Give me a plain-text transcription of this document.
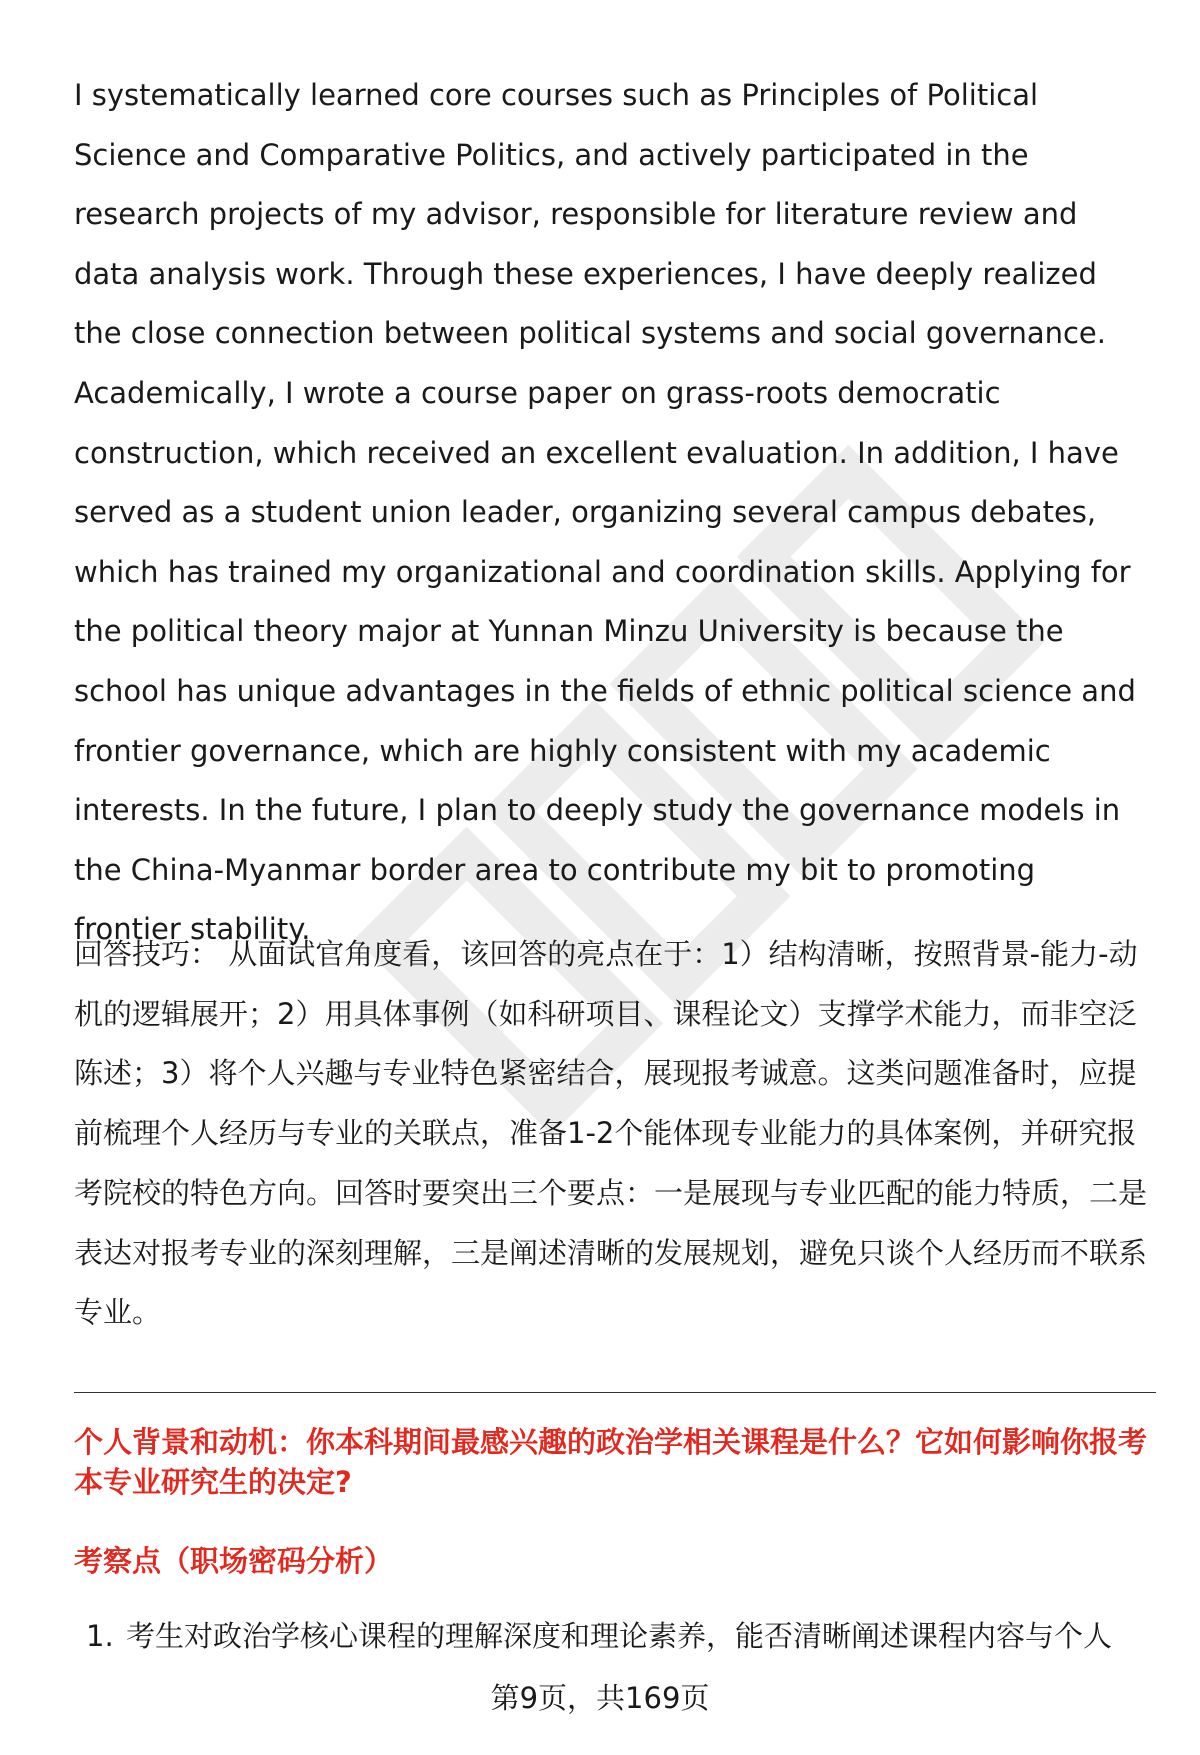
I systematically learned core courses such as Principles of Political Science and Comparative Politics, and actively participated in the research projects of my advisor, responsible for literature review and data analysis work. Through these experiences, I have deeply realized the close connection between political systems and social governance. Academically, I wrote a course paper on grass-roots democratic construction, which received an excellent evaluation. In addition, I have served as a student union leader, organizing several campus debates, which has trained my organizational and coordination skills. Applying for the political theory major at Yunnan Minzu University is because the school has unique advantages in the fields of ethnic political science and frontier governance, which are highly consistent with my academic interests. In the future, I plan to deeply study the governance models in the China-Myanmar border area to contribute my bit to promoting frontier stability.

回答技巧： 从面试官角度看，该回答的亮点在于：1）结构清晰，按照背景-能力-动机的逻辑展开；2）用具体事例（如科研项目、课程论文）支撑学术能力，而非空泛陈述；3）将个人兴趣与专业特色紧密结合，展现报考诚意。这类问题准备时，应提前梳理个人经历与专业的关联点，准备1-2个能体现专业能力的具体案例，并研究报考院校的特色方向。回答时要突出三个要点：一是展现与专业匹配的能力特质，二是表达对报考专业的深刻理解，三是阐述清晰的发展规划，避免只谈个人经历而不联系专业。

个人背景和动机：你本科期间最感兴趣的政治学相关课程是什么？它如何影响你报考本专业研究生的决定?
考察点（职场密码分析）
1. 考生对政治学核心课程的理解深度和理论素养，能否清晰阐述课程内容与个人
第9页，共169页
